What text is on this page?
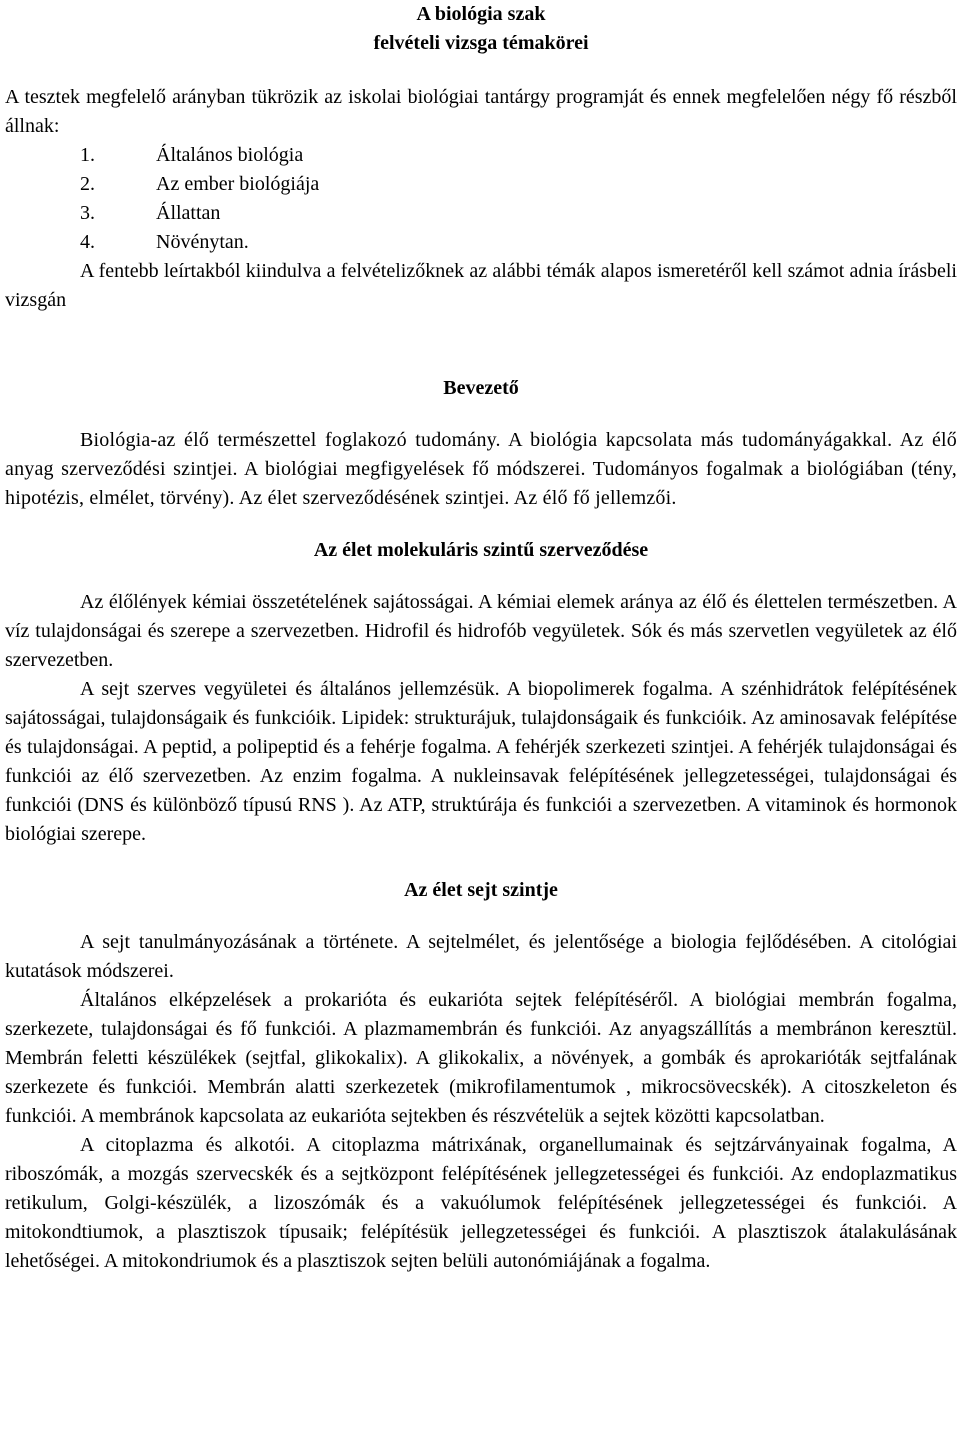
A biológia szak
felvételi vizsga témakörei

A tesztek megfelelő arányban tükrözik az iskolai biológiai tantárgy programját és ennek megfelelően négy fő részből állnak:

1.	Általános biológia
2.	Az ember biológiája
3.	Állattan
4.	Növénytan.

A fentebb leírtakból kiindulva a felvételizőknek az alábbi témák alapos ismeretéről kell számot adnia írásbeli vizsgán

Bevezető

Biológia-az élő természettel foglakozó tudomány. A biológia kapcsolata más tudományágakkal. Az élő anyag szerveződési szintjei. A biológiai megfigyelések fő módszerei. Tudományos fogalmak a biológiában (tény, hipotézis, elmélet, törvény). Az élet szerveződésének szintjei. Az élő fő jellemzői.

Az élet molekuláris szintű szerveződése

Az élőlények kémiai összetételének sajátosságai. A kémiai elemek aránya az élő és élettelen természetben. A víz tulajdonságai és szerepe a szervezetben. Hidrofil és hidrofób vegyületek. Sók és más szervetlen vegyületek az élő szervezetben.

A sejt szerves vegyületei és általános jellemzésük. A biopolimerek fogalma. A szénhidrátok felépítésének sajátosságai, tulajdonságaik és funkcióik. Lipidek: strukturájuk, tulajdonságaik és funkcióik. Az aminosavak felépítése és tulajdonságai. A peptid, a polipeptid és a fehérje fogalma. A fehérjék szerkezeti szintjei. A fehérjék tulajdonságai és funkciói az élő szervezetben. Az enzim fogalma. A nukleinsavak felépítésének jellegzetességei, tulajdonságai és funkciói (DNS és különböző típusú RNS ). Az ATP, struktúrája és funkciói a szervezetben. A vitaminok és hormonok biológiai szerepe.

Az élet sejt szintje

A sejt tanulmányozásának a története. A sejtelmélet, és jelentősége a biologia fejlődésében. A citológiai kutatások módszerei.

Általános elképzelések a prokarióta és eukarióta sejtek felépítéséről. A biológiai membrán fogalma, szerkezete, tulajdonságai és fő funkciói. A plazmamembrán és funkciói. Az anyagszállítás a membránon keresztül. Membrán feletti készülékek (sejtfal, glikokalix). A glikokalix, a növények, a gombák és aprokarióták sejtfalának szerkezete és funkciói. Membrán alatti szerkezetek (mikrofilamentumok , mikrocsövecskék). A citoszkeleton és funkciói. A membránok kapcsolata az eukarióta sejtekben és részvételük a sejtek közötti kapcsolatban.

A citoplazma és alkotói. A citoplazma mátrixának, organellumainak és sejtzárványainak fogalma, A riboszómák, a mozgás szervecskék és a sejtközpont felépítésének jellegzetességei és funkciói. Az endoplazmatikus retikulum, Golgi-készülék, a lizoszómák és a vakuólumok felépítésének jellegzetességei és funkciói. A mitokondtiumok, a plasztiszok típusaik; felépítésük jellegzetességei és funkciói. A plasztiszok átalakulásának lehetőségei. A mitokondriumok és a plasztiszok sejten belüli autonómiájának a fogalma.
